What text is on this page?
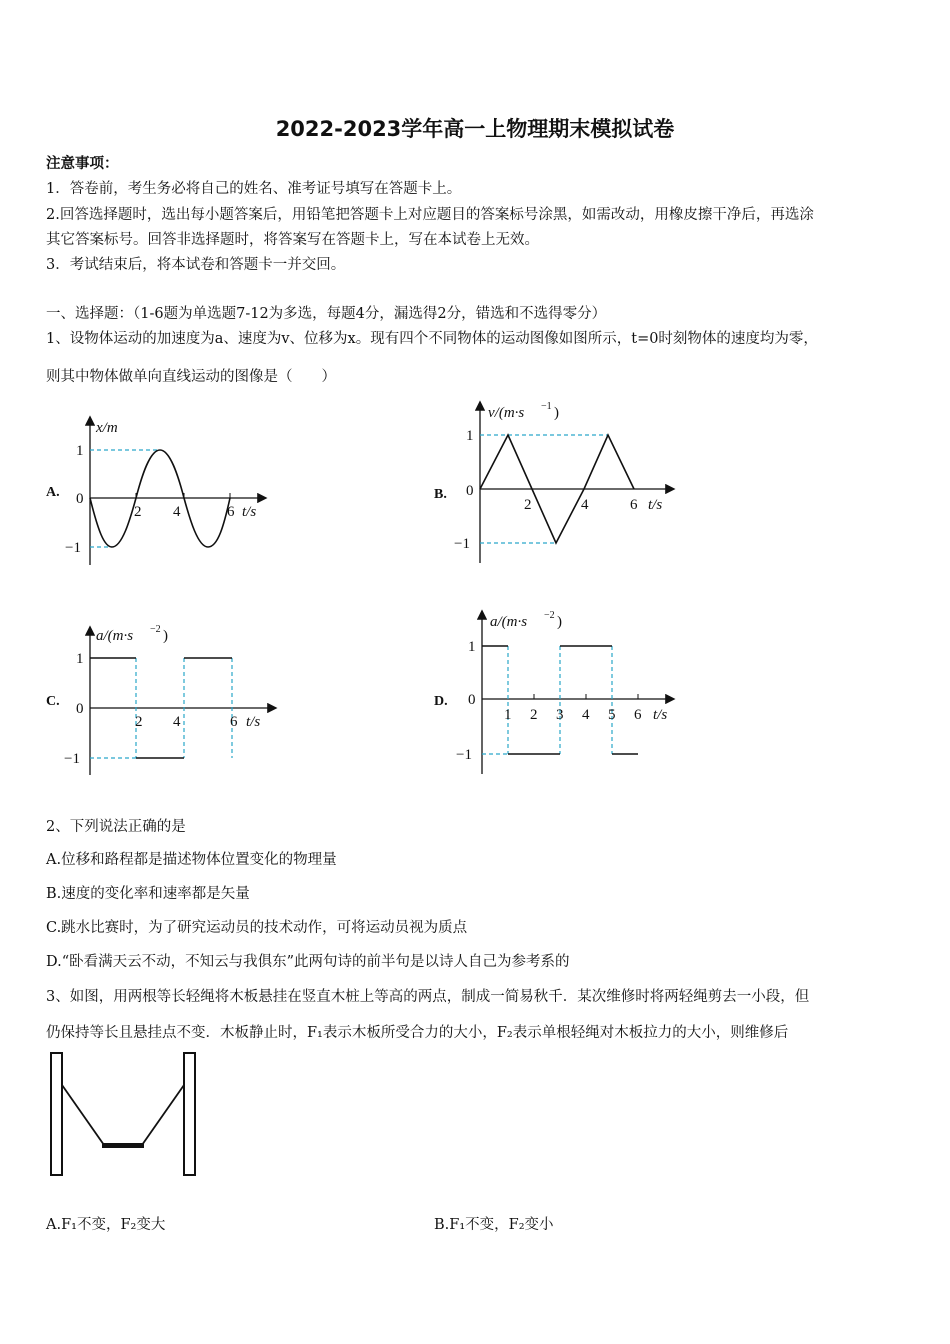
2022-2023学年高一上物理期末模拟试卷
注意事项：
1．答卷前，考生务必将自己的姓名、准考证号填写在答题卡上。
2.回答选择题时，选出每小题答案后，用铅笔把答题卡上对应题目的答案标号涂黑，如需改动，用橡皮擦干净后，再选涂
其它答案标号。回答非选择题时，将答案写在答题卡上，写在本试卷上无效。
3．考试结束后，将本试卷和答题卡一并交回。
一、选择题：（1-6题为单选题7-12为多选，每题4分，漏选得2分，错选和不选得零分）
1、设物体运动的加速度为a、速度为v、位移为x。现有四个不同物体的运动图像如图所示，t=0时刻物体的速度均为零，
则其中物体做单向直线运动的图像是（　　）
A.	B.
C.	D.
x/m
1
0
−1
2 4	6 t/s
v/(m·s −1 )
1
0
−1
2	4	6 t/s
a/(m·s −2 )
1
0
−1
2 4	6 t/s
a/(m·s −2 )
1
0
−1
1 2 3 4 5 6 t/s
2、下列说法正确的是
A.位移和路程都是描述物体位置变化的物理量
B.速度的变化率和速率都是矢量
C.跳水比赛时，为了研究运动员的技术动作，可将运动员视为质点
D.“卧看满天云不动，不知云与我俱东”此两句诗的前半句是以诗人自己为参考系的
3、如图，用两根等长轻绳将木板悬挂在竖直木桩上等高的两点，制成一简易秋千．某次维修时将两轻绳剪去一小段，但
仍保持等长且悬挂点不变．木板静止时，F₁表示木板所受合力的大小，F₂表示单根轻绳对木板拉力的大小，则维修后
A.F₁不变，F₂变大	B.F₁不变，F₂变小
